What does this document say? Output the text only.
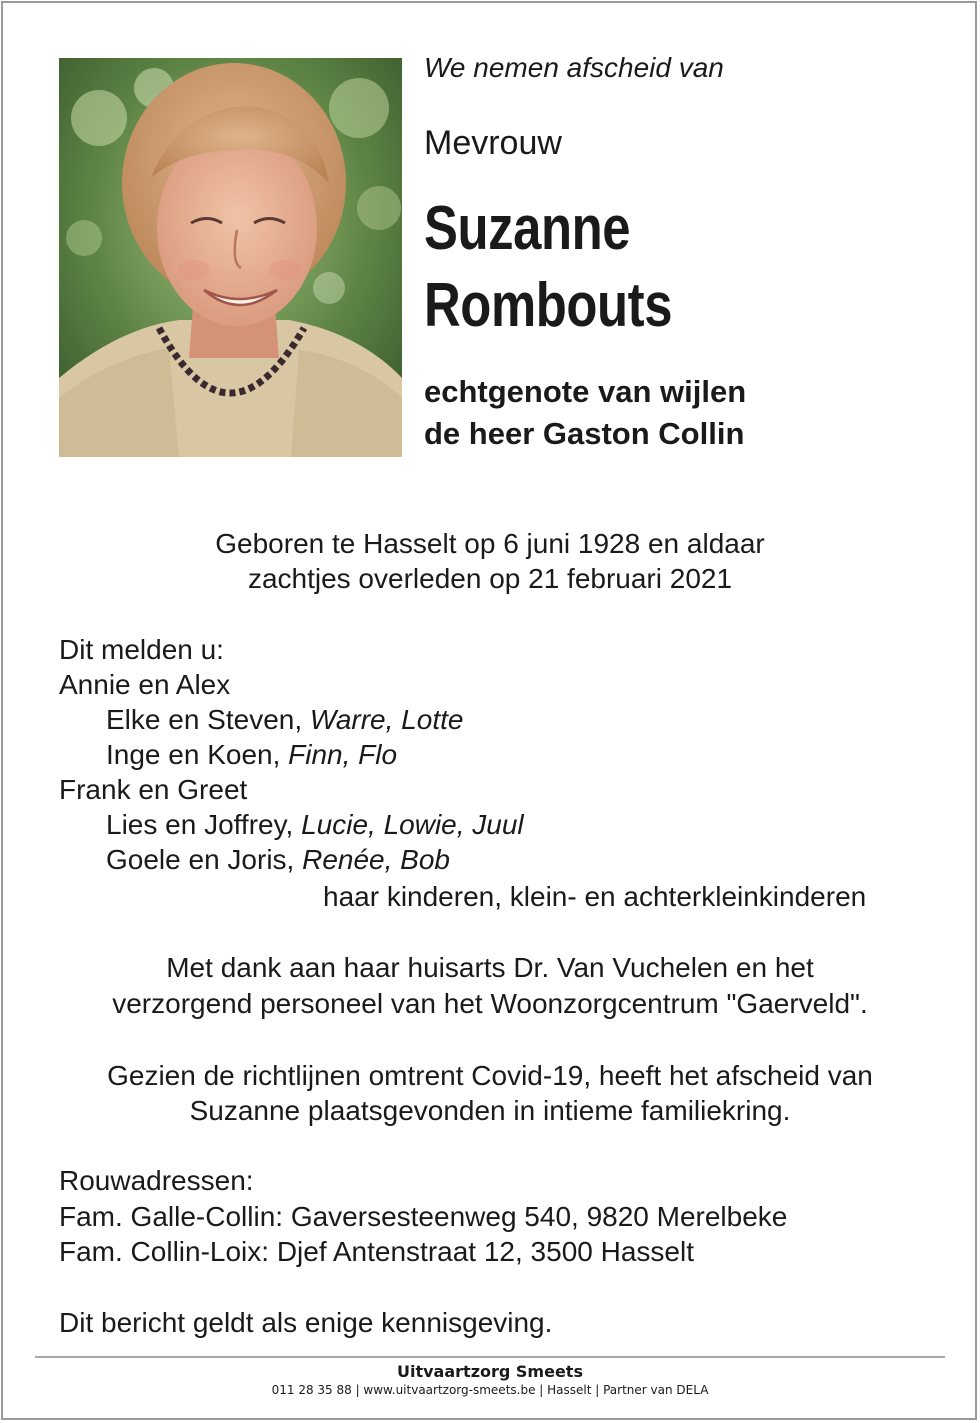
We nemen afscheid van
Mevrouw
Suzanne
Rombouts
echtgenote van wijlen
de heer Gaston Collin
Geboren te Hasselt op 6 juni 1928 en aldaar
zachtjes overleden op 21 februari 2021
Dit melden u:
Annie en Alex
Elke en Steven, Warre, Lotte
Inge en Koen, Finn, Flo
Frank en Greet
Lies en Joffrey, Lucie, Lowie, Juul
Goele en Joris, Renée, Bob
haar kinderen, klein- en achterkleinkinderen
Met dank aan haar huisarts Dr. Van Vuchelen en het
verzorgend personeel van het Woonzorgcentrum "Gaerveld".
Gezien de richtlijnen omtrent Covid-19, heeft het afscheid van
Suzanne plaatsgevonden in intieme familiekring.
Rouwadressen:
Fam. Galle-Collin: Gaversesteenweg 540, 9820 Merelbeke
Fam. Collin-Loix: Djef Antenstraat 12, 3500 Hasselt
Dit bericht geldt als enige kennisgeving.
Uitvaartzorg Smeets
011 28 35 88 | www.uitvaartzorg-smeets.be | Hasselt | Partner van DELA
